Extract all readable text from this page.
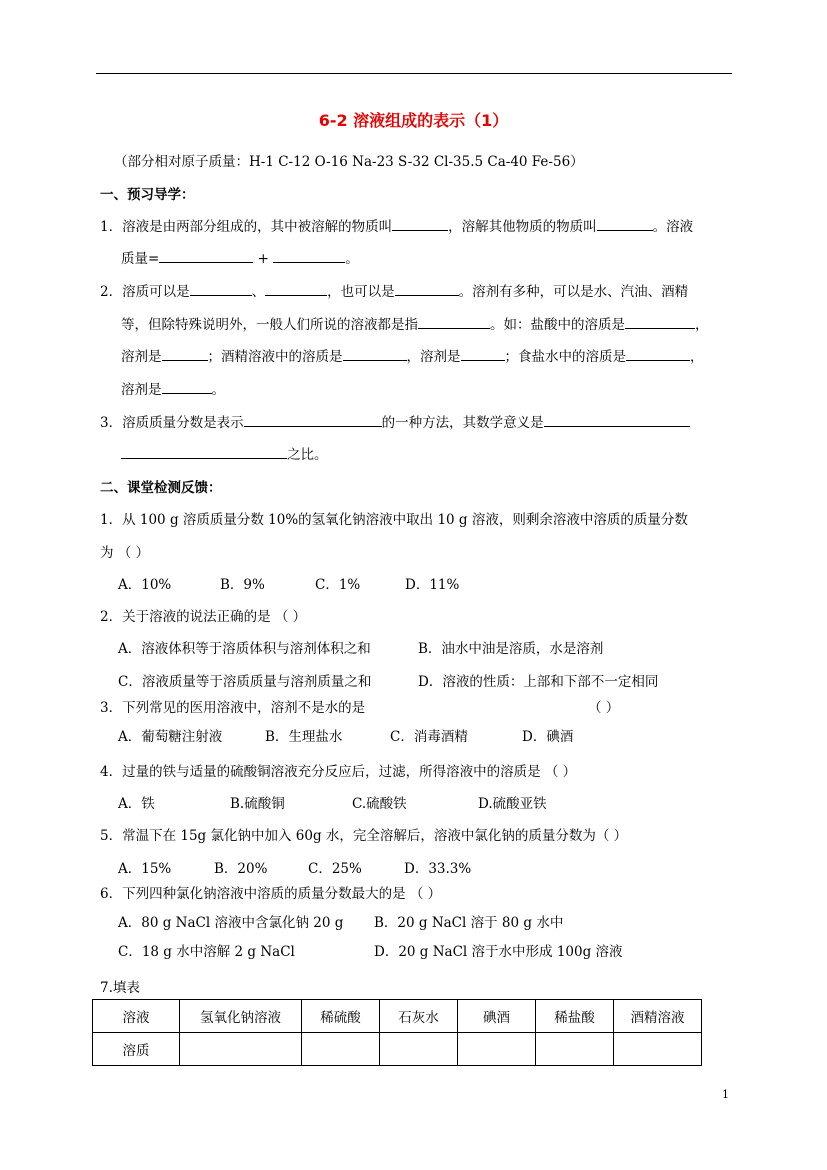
6-2 溶液组成的表示（1）
（部分相对原子质量：H-1 C-12 O-16 Na-23 S-32 Cl-35.5 Ca-40 Fe-56）
一、预习导学：
1．溶液是由两部分组成的，其中被溶解的物质叫	，溶解其他物质的物质叫	。溶液
质量=	+	。
2．溶质可以是	、	，也可以是	。溶剂有多种，可以是水、汽油、酒精
等，但除特殊说明外，一般人们所说的溶液都是指	。如：盐酸中的溶质是	，
溶剂是	；酒精溶液中的溶质是	，溶剂是	；食盐水中的溶质是	，
溶剂是	。
3．溶质质量分数是表示	的一种方法，其数学意义是
之比。
二、课堂检测反馈：
1．从 100 g 溶质质量分数 10%的氢氧化钠溶液中取出 10 g 溶液，则剩余溶液中溶质的质量分数
为 （ ）
A．10%	B．9%	C．1%	D．11%
2．关于溶液的说法正确的是 （ ）
A．溶液体积等于溶质体积与溶剂体积之和	B．油水中油是溶质，水是溶剂
C．溶液质量等于溶质质量与溶剂质量之和	D．溶液的性质：上部和下部不一定相同
3．下列常见的医用溶液中，溶剂不是水的是	（ ）
A．葡萄糖注射液	B．生理盐水	C．消毒酒精	D．碘酒
4．过量的铁与适量的硫酸铜溶液充分反应后，过滤，所得溶液中的溶质是 （ ）
A．铁	B.硫酸铜	C.硫酸铁	D.硫酸亚铁
5．常温下在 15g 氯化钠中加入 60g 水，完全溶解后，溶液中氯化钠的质量分数为（ ）
A．15%	B．20%	C．25%	D．33.3%
6．下列四种氯化钠溶液中溶质的质量分数最大的是 （ ）
A．80 g NaCl 溶液中含氯化钠 20 g B．20 g NaCl 溶于 80 g 水中
C．18 g 水中溶解 2 g NaCl	D．20 g NaCl 溶于水中形成 100g 溶液
7.填表
溶液	氢氧化钠溶液	稀硫酸	石灰水	碘酒	稀盐酸	酒精溶液
溶质						
1
